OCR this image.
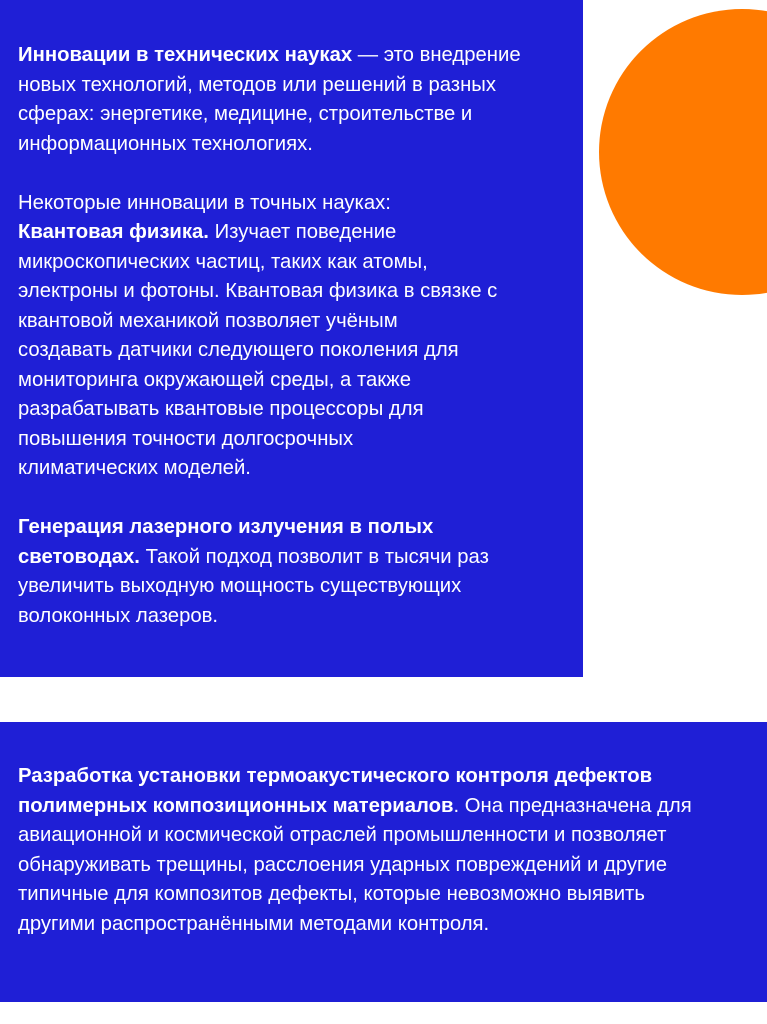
Инновации в технических науках — это внедрение
новых технологий, методов или решений в разных
сферах: энергетике, медицине, строительстве и
информационных технологиях.

Некоторые инновации в точных науках:

Квантовая физика. Изучает поведение
микроскопических частиц, таких как атомы,
электроны и фотоны. Квантовая физика в связке с
квантовой механикой позволяет учёным
создавать датчики следующего поколения для
мониторинга окружающей среды, а также
разрабатывать квантовые процессоры для
повышения точности долгосрочных
климатических моделей.

Генерация лазерного излучения в полых
световодах. Такой подход позволит в тысячи раз
увеличить выходную мощность существующих
волоконных лазеров.

Разработка установки термоакустического контроля дефектов
полимерных композиционных материалов. Она предназначена для
авиационной и космической отраслей промышленности и позволяет
обнаруживать трещины, расслоения ударных повреждений и другие
типичные для композитов дефекты, которые невозможно выявить
другими распространёнными методами контроля.
